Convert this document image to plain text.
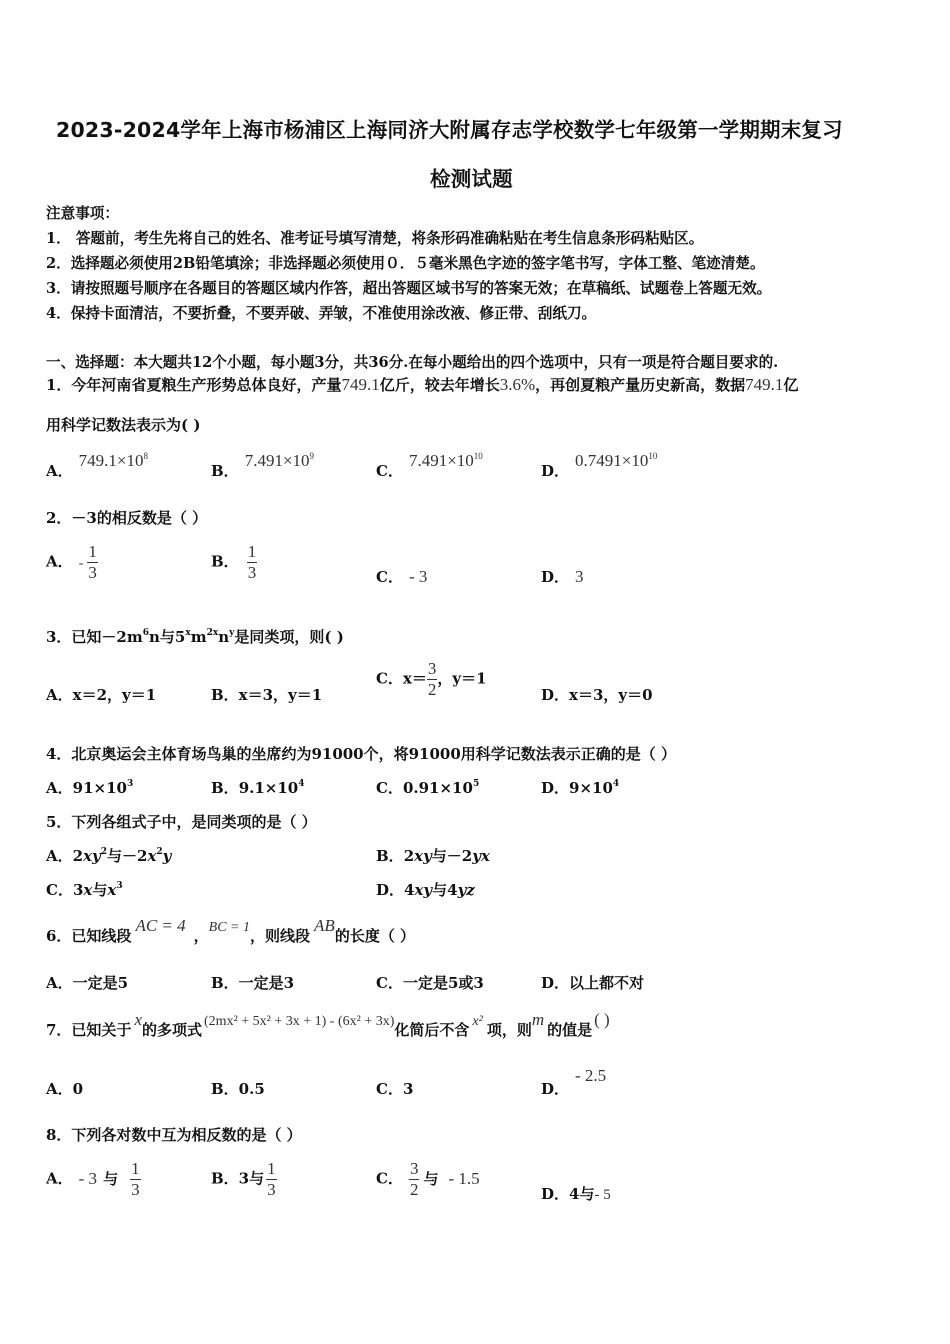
2023-2024学年上海市杨浦区上海同济大附属存志学校数学七年级第一学期期末复习
检测试题
注意事项：
1． 答题前，考生先将自己的姓名、准考证号填写清楚，将条形码准确粘贴在考生信息条形码粘贴区。
2．选择题必须使用2B铅笔填涂；非选择题必须使用０．５毫米黑色字迹的签字笔书写，字体工整、笔迹清楚。
3．请按照题号顺序在各题目的答题区域内作答，超出答题区域书写的答案无效；在草稿纸、试题卷上答题无效。
4．保持卡面清洁，不要折叠，不要弄破、弄皱，不准使用涂改液、修正带、刮纸刀。
一、选择题：本大题共12个小题，每小题3分，共36分.在每小题给出的四个选项中，只有一项是符合题目要求的.
1．今年河南省夏粮生产形势总体良好，产量749.1亿斤，较去年增长3.6%，再创夏粮产量历史新高，数据749.1亿
用科学记数法表示为( )
A．$749.1\times 10^8$
B．$7.491\times 10^9$
C．$7.491\times 10^{10}$
D．$0.7491\times 10^{10}$
2．－3的相反数是（ ）
A． - $\frac{1}{3}$	B． $\frac{1}{3}$	C． - 3	D． 3
3．已知$-2m^6n$与$5^xm^{2x}n^y$是同类项，则( )
A．x＝2，y＝1	B．x＝3，y＝1
C．$x= \frac{3}{2}$ ，y＝1
D．x＝3，y＝0
4．北京奥运会主体育场鸟巢的坐席约为91000个，将91000用科学记数法表示正确的是（ ）
A．$91\times 10^3$	B．$9.1\times 10^4$	C．$0.91\times 10^5$	D．$9\times 10^4$
5．下列各组式子中，是同类项的是（ ）
A．$2xy^2$与$-2x^2y$	B．2xy与－2yx
C．3x与$x^3$	D．4xy与4yz
6．已知线段AC = 4，BC = 1，则线段AB的长度（ ）
A．一定是5	B．一定是3	C．一定是5或3	D．以上都不对
7．已知关于x的多项式 (2mx² + 5x² + 3x + 1) - (6x² + 3x)化简后不含 x² 项，则m的值是( )
A．0	B．0.5	C．3	D．- 2.5
8．下列各对数中互为相反数的是（ ）
A． - 3 与 $\frac{1}{3}$	B．3与 $\frac{1}{3}$	C． $\frac{3}{2}$ 与 - 1.5
D．4与- 5
